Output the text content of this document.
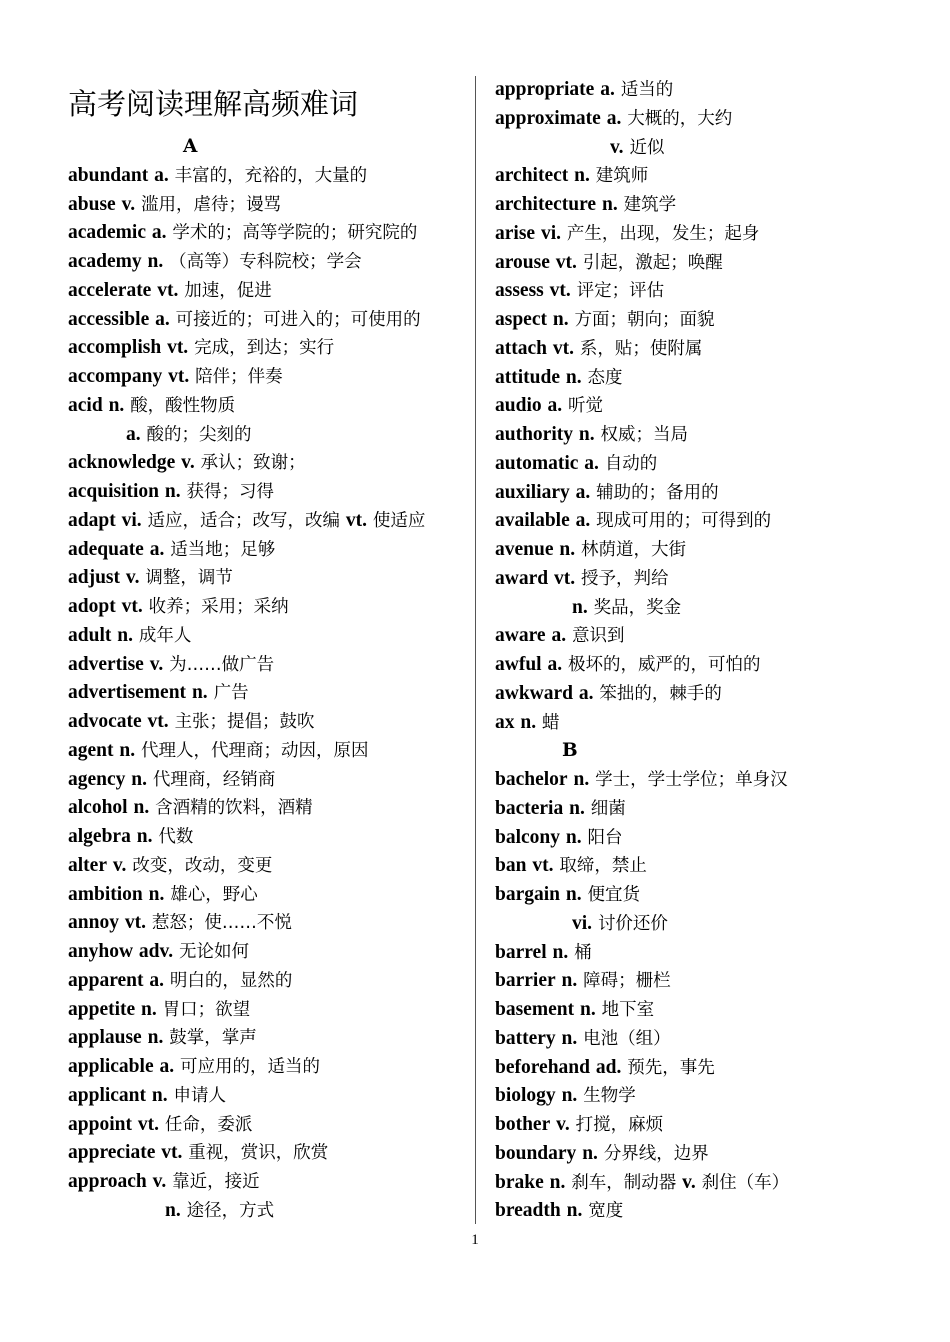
高考阅读理解高频难词
A
abundant a. 丰富的，充裕的，大量的
abuse v. 滥用，虐待；谩骂
academic a. 学术的；高等学院的；研究院的
academy n. （高等）专科院校；学会
accelerate vt. 加速，促进
accessible a. 可接近的；可进入的；可使用的
accomplish vt. 完成，到达；实行
accompany vt. 陪伴；伴奏
acid n. 酸，酸性物质
a. 酸的；尖刻的
acknowledge v. 承认；致谢；
acquisition n. 获得；习得
adapt vi. 适应，适合；改写，改编 vt. 使适应
adequate a. 适当地；足够
adjust v. 调整，调节
adopt vt. 收养；采用；采纳
adult n. 成年人
advertise v. 为……做广告
advertisement n. 广告
advocate vt. 主张；提倡；鼓吹
agent n. 代理人，代理商；动因，原因
agency n. 代理商，经销商
alcohol n. 含酒精的饮料，酒精
algebra n. 代数
alter v. 改变，改动，变更
ambition n. 雄心，野心
annoy vt. 惹怒；使……不悦
anyhow adv. 无论如何
apparent a. 明白的，显然的
appetite n. 胃口；欲望
applause n. 鼓掌，掌声
applicable a. 可应用的，适当的
applicant n. 申请人
appoint vt. 任命，委派
appreciate vt. 重视，赏识，欣赏
approach v. 靠近，接近
n. 途径，方式
appropriate a. 适当的
approximate a. 大概的，大约
v. 近似
architect n. 建筑师
architecture n. 建筑学
arise vi. 产生，出现，发生；起身
arouse vt. 引起，激起；唤醒
assess vt. 评定；评估
aspect n. 方面；朝向；面貌
attach vt. 系，贴；使附属
attitude n. 态度
audio a. 听觉
authority n. 权威；当局
automatic a. 自动的
auxiliary a. 辅助的；备用的
available a. 现成可用的；可得到的
avenue n. 林荫道，大街
award vt. 授予，判给
n. 奖品，奖金
aware a. 意识到
awful a. 极坏的，威严的，可怕的
awkward a. 笨拙的，棘手的
ax n. 蜡
B
bachelor n. 学士，学士学位；单身汉
bacteria n. 细菌
balcony n. 阳台
ban vt. 取缔，禁止
bargain n. 便宜货
vi. 讨价还价
barrel n. 桶
barrier n. 障碍；栅栏
basement n. 地下室
battery n. 电池（组）
beforehand ad. 预先，事先
biology n. 生物学
bother v. 打搅，麻烦
boundary n. 分界线，边界
brake n. 刹车，制动器 v. 刹住（车）
breadth n. 宽度
1
